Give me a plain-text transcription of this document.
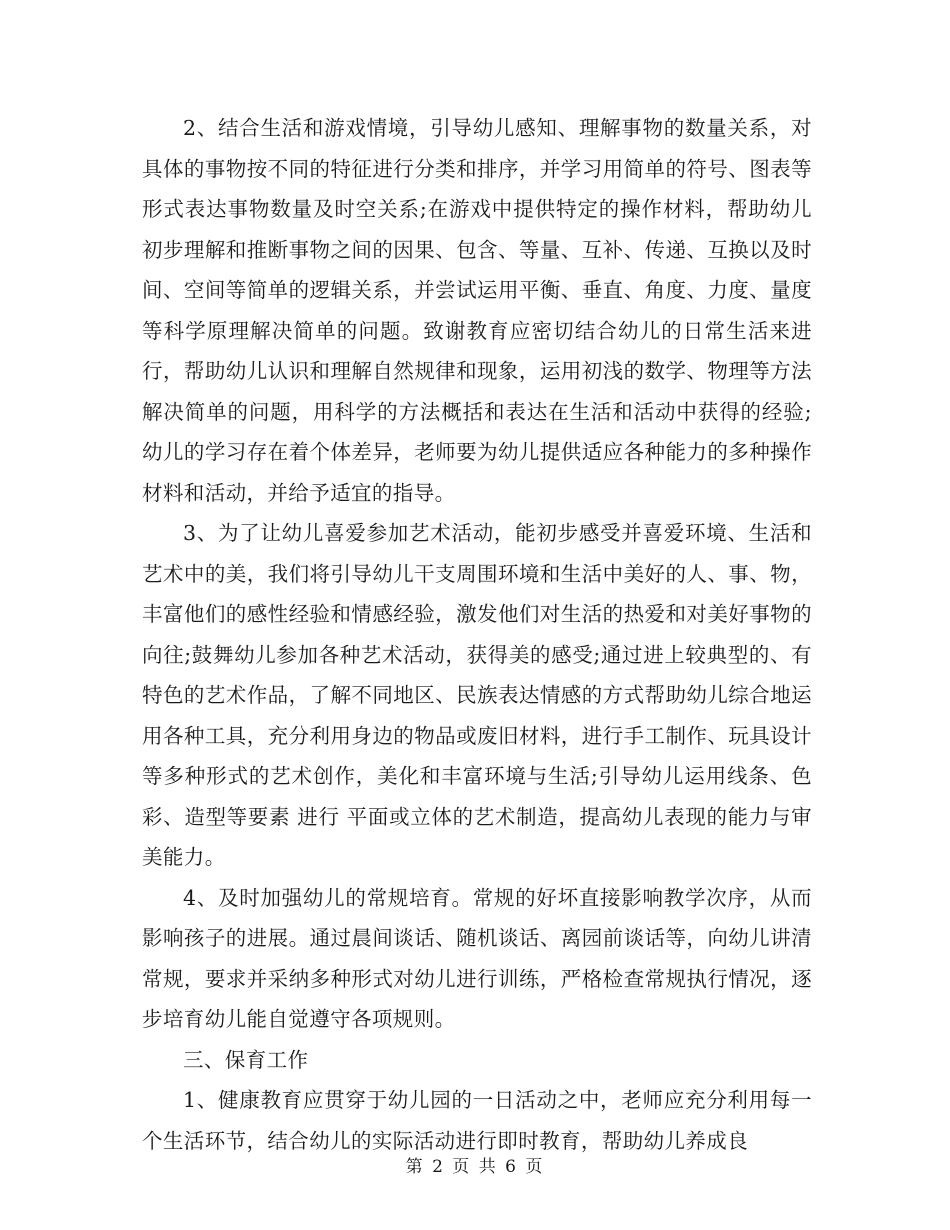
2、结合生活和游戏情境，引导幼儿感知、理解事物的数量关系，对具体的事物按不同的特征进行分类和排序，并学习用简单的符号、图表等形式表达事物数量及时空关系;在游戏中提供特定的操作材料，帮助幼儿初步理解和推断事物之间的因果、包含、等量、互补、传递、互换以及时间、空间等简单的逻辑关系，并尝试运用平衡、垂直、角度、力度、量度等科学原理解决简单的问题。致谢教育应密切结合幼儿的日常生活来进行，帮助幼儿认识和理解自然规律和现象，运用初浅的数学、物理等方法解决简单的问题，用科学的方法概括和表达在生活和活动中获得的经验;幼儿的学习存在着个体差异，老师要为幼儿提供适应各种能力的多种操作材料和活动，并给予适宜的指导。

3、为了让幼儿喜爱参加艺术活动，能初步感受并喜爱环境、生活和艺术中的美，我们将引导幼儿干支周围环境和生活中美好的人、事、物，丰富他们的感性经验和情感经验，激发他们对生活的热爱和对美好事物的向往;鼓舞幼儿参加各种艺术活动，获得美的感受;通过进上较典型的、有特色的艺术作品，了解不同地区、民族表达情感的方式帮助幼儿综合地运用各种工具，充分利用身边的物品或废旧材料，进行手工制作、玩具设计等多种形式的艺术创作，美化和丰富环境与生活;引导幼儿运用线条、色彩、造型等要素 进行 平面或立体的艺术制造，提高幼儿表现的能力与审美能力。

4、及时加强幼儿的常规培育。常规的好坏直接影响教学次序，从而影响孩子的进展。通过晨间谈话、随机谈话、离园前谈话等，向幼儿讲清常规，要求并采纳多种形式对幼儿进行训练，严格检查常规执行情况，逐步培育幼儿能自觉遵守各项规则。

三、保育工作

1、健康教育应贯穿于幼儿园的一日活动之中，老师应充分利用每一个生活环节，结合幼儿的实际活动进行即时教育，帮助幼儿养成良

第 2 页 共 6 页
